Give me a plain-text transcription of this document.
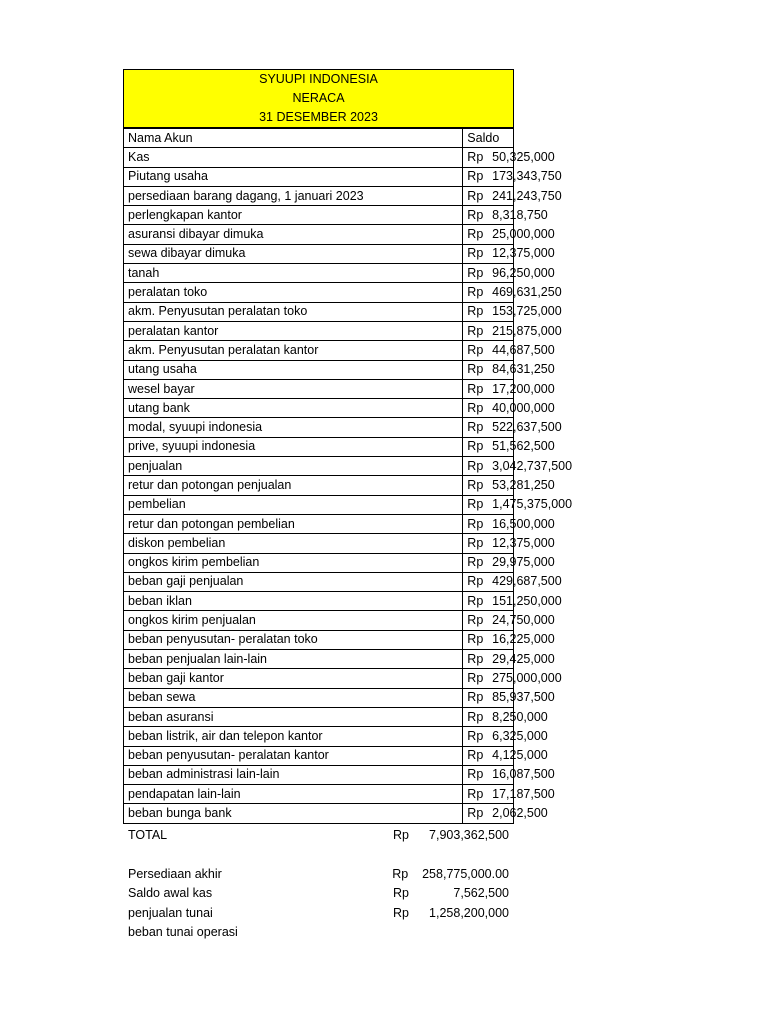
SYUUPI INDONESIA
NERACA
31 DESEMBER 2023
Nama Akun	Saldo	
Kas	Rp	50,325,000
Piutang usaha	Rp	173,343,750
persediaan barang dagang, 1 januari 2023	Rp	241,243,750
perlengkapan kantor	Rp	8,318,750
asuransi dibayar dimuka	Rp	25,000,000
sewa dibayar dimuka	Rp	12,375,000
tanah	Rp	96,250,000
peralatan toko	Rp	469,631,250
akm. Penyusutan peralatan toko	Rp	153,725,000
peralatan kantor	Rp	215,875,000
akm. Penyusutan peralatan kantor	Rp	44,687,500
utang usaha	Rp	84,631,250
wesel bayar	Rp	17,200,000
utang bank	Rp	40,000,000
modal, syuupi indonesia	Rp	522,637,500
prive, syuupi indonesia	Rp	51,562,500
penjualan	Rp	3,042,737,500
retur dan potongan penjualan	Rp	53,281,250
pembelian	Rp	1,475,375,000
retur dan potongan pembelian	Rp	16,500,000
diskon pembelian	Rp	12,375,000
ongkos kirim pembelian	Rp	29,975,000
beban gaji penjualan	Rp	429,687,500
beban iklan	Rp	151,250,000
ongkos kirim penjualan	Rp	24,750,000
beban penyusutan- peralatan toko	Rp	16,225,000
beban penjualan lain-lain	Rp	29,425,000
beban gaji kantor	Rp	275,000,000
beban sewa	Rp	85,937,500
beban asuransi	Rp	8,250,000
beban listrik, air dan telepon kantor	Rp	6,325,000
beban penyusutan- peralatan kantor	Rp	4,125,000
beban administrasi lain-lain	Rp	16,087,500
pendapatan lain-lain	Rp	17,187,500
beban bunga bank	Rp	2,062,500
TOTAL	Rp	7,903,362,500
Persediaan akhir	Rp	258,775,000.00
Saldo awal kas	Rp	7,562,500
penjualan tunai	Rp	1,258,200,000
beban tunai operasi
